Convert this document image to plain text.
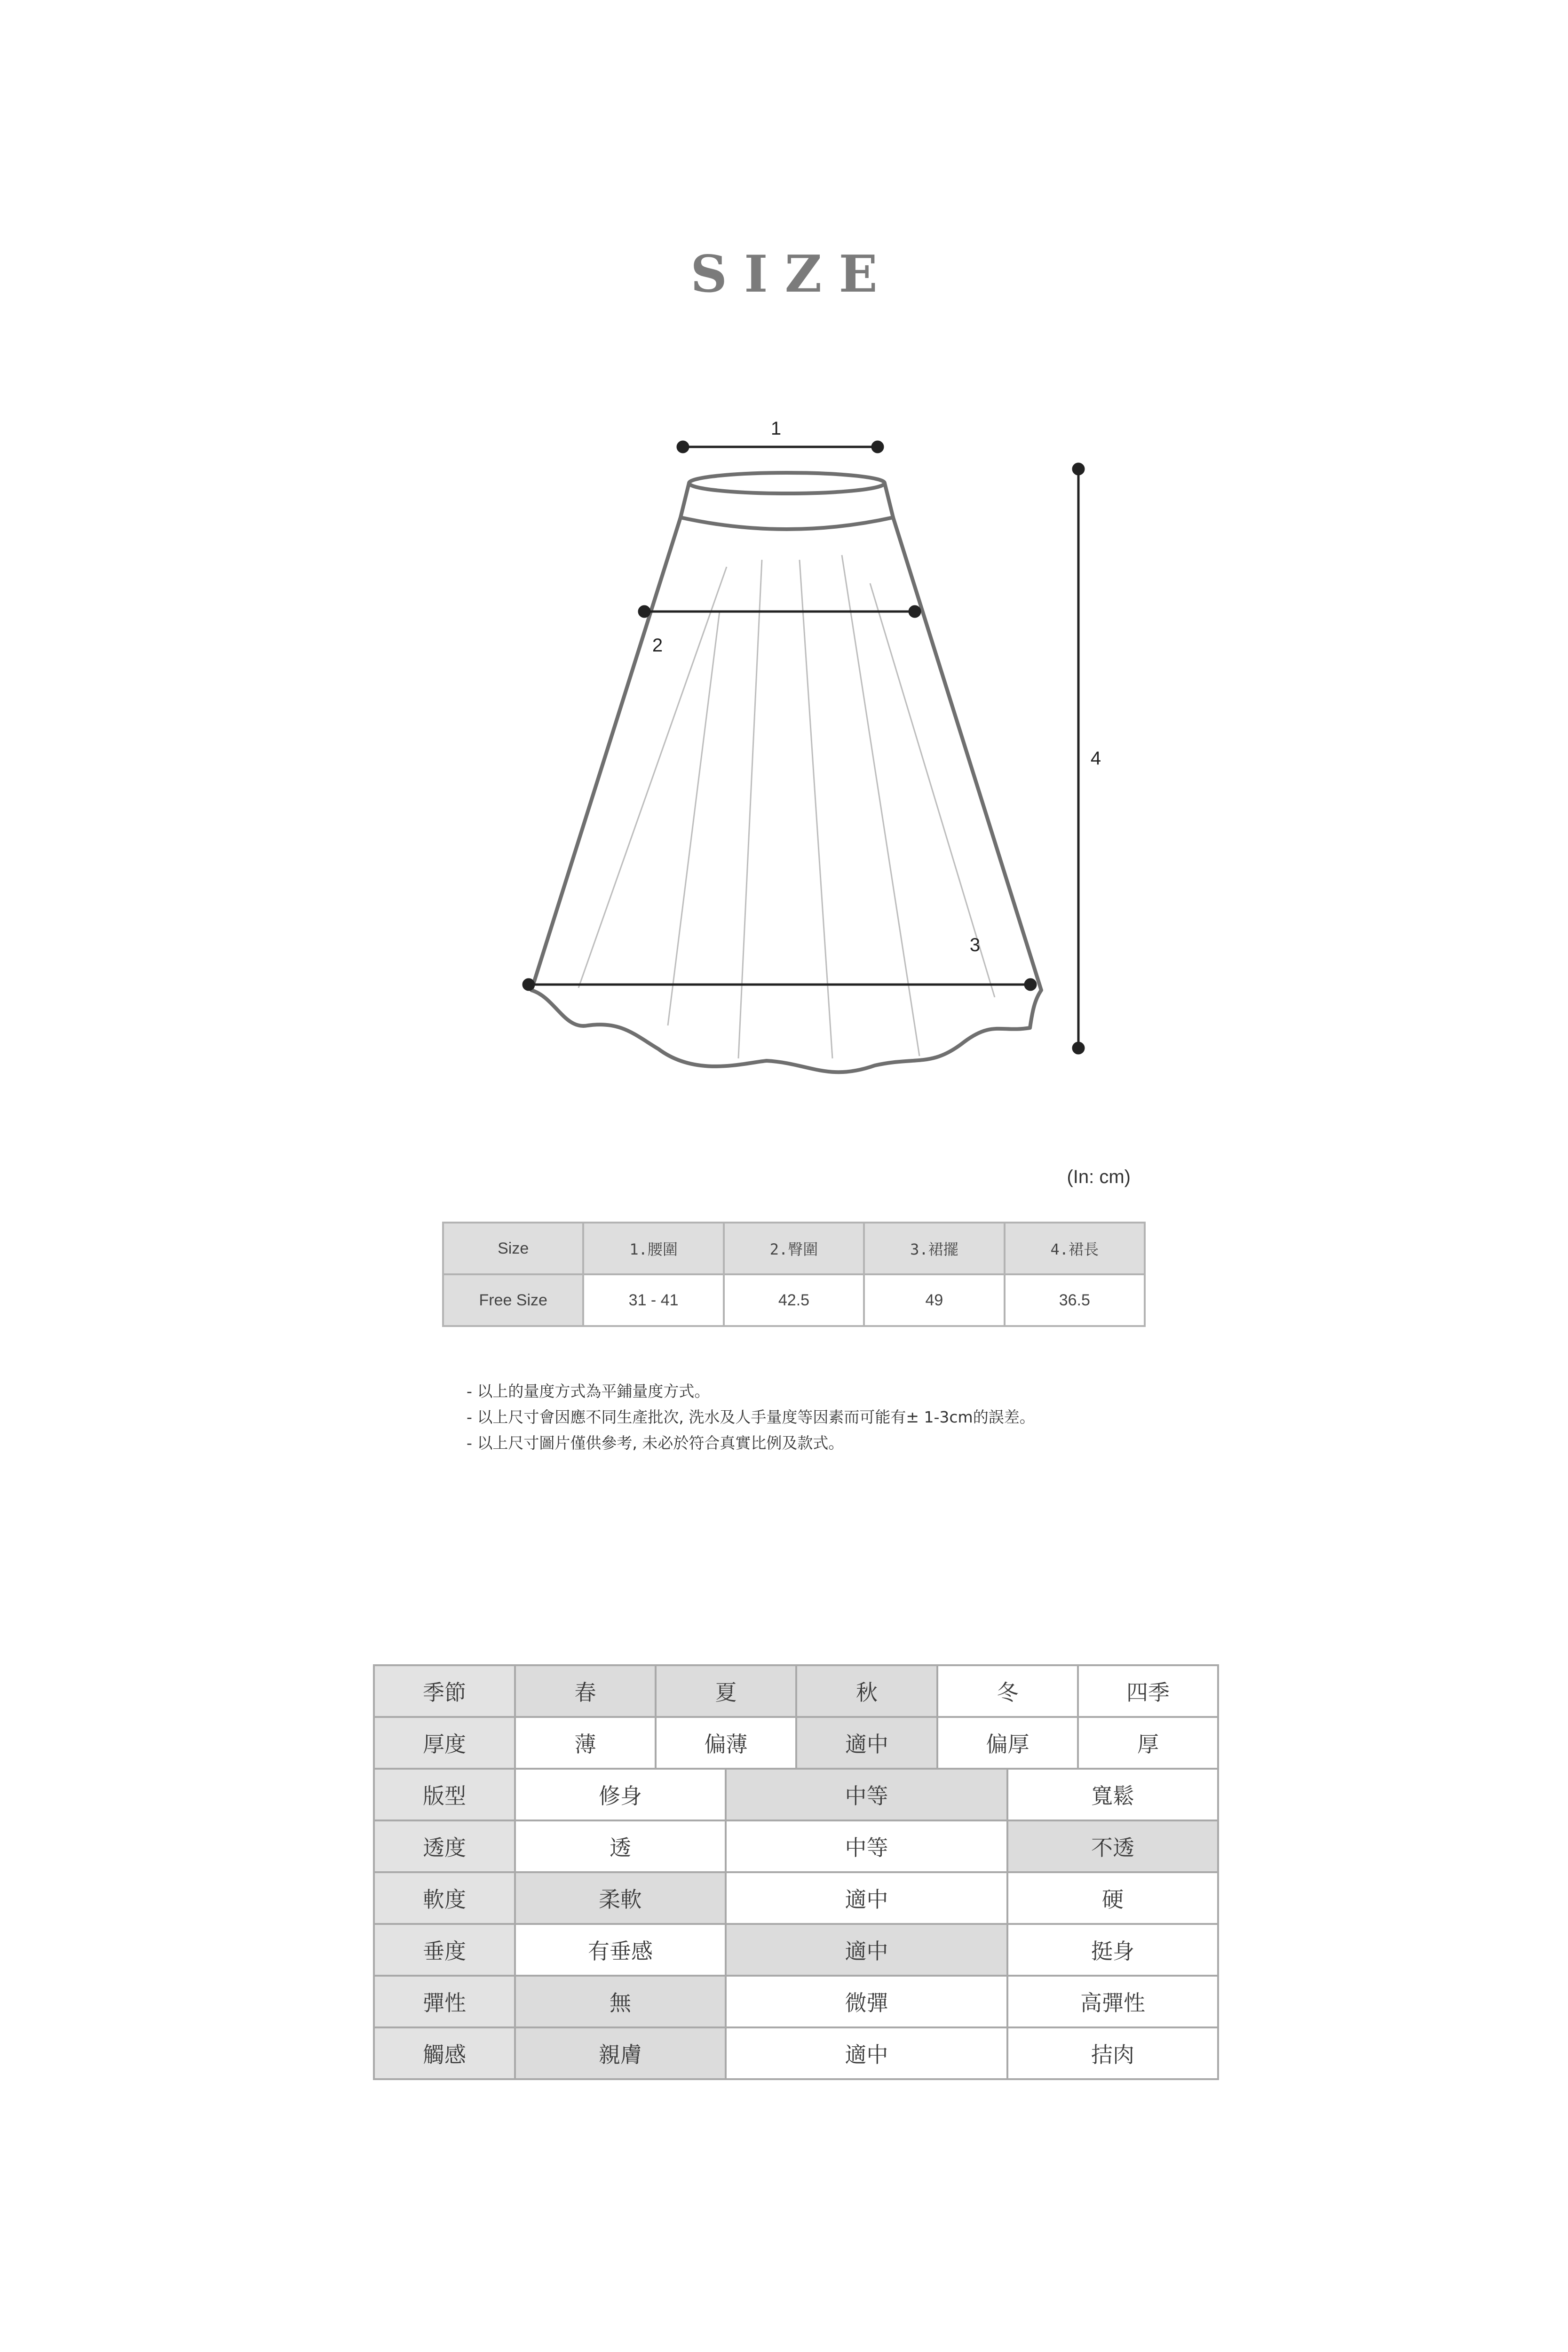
SIZE
1
2
3
4
(In: cm)
Size	1.腰圍	2.臀圍	3.裙擺	4.裙長
Free Size	31 - 41	42.5	49	36.5
- 以上的量度方式為平鋪量度方式。
- 以上尺寸會因應不同生產批次, 洗水及人手量度等因素而可能有± 1-3cm的誤差。
- 以上尺寸圖片僅供參考, 未必於符合真實比例及款式。
季節	春	夏		秋	冬		四季
厚度	薄	偏薄		適中	偏厚		厚
版型	修身		中等			寬鬆	
透度	透		中等			不透	
軟度	柔軟		適中			硬	
垂度	有垂感		適中			挺身	
彈性	無		微彈			高彈性	
觸感	親膚		適中			拮肉	
